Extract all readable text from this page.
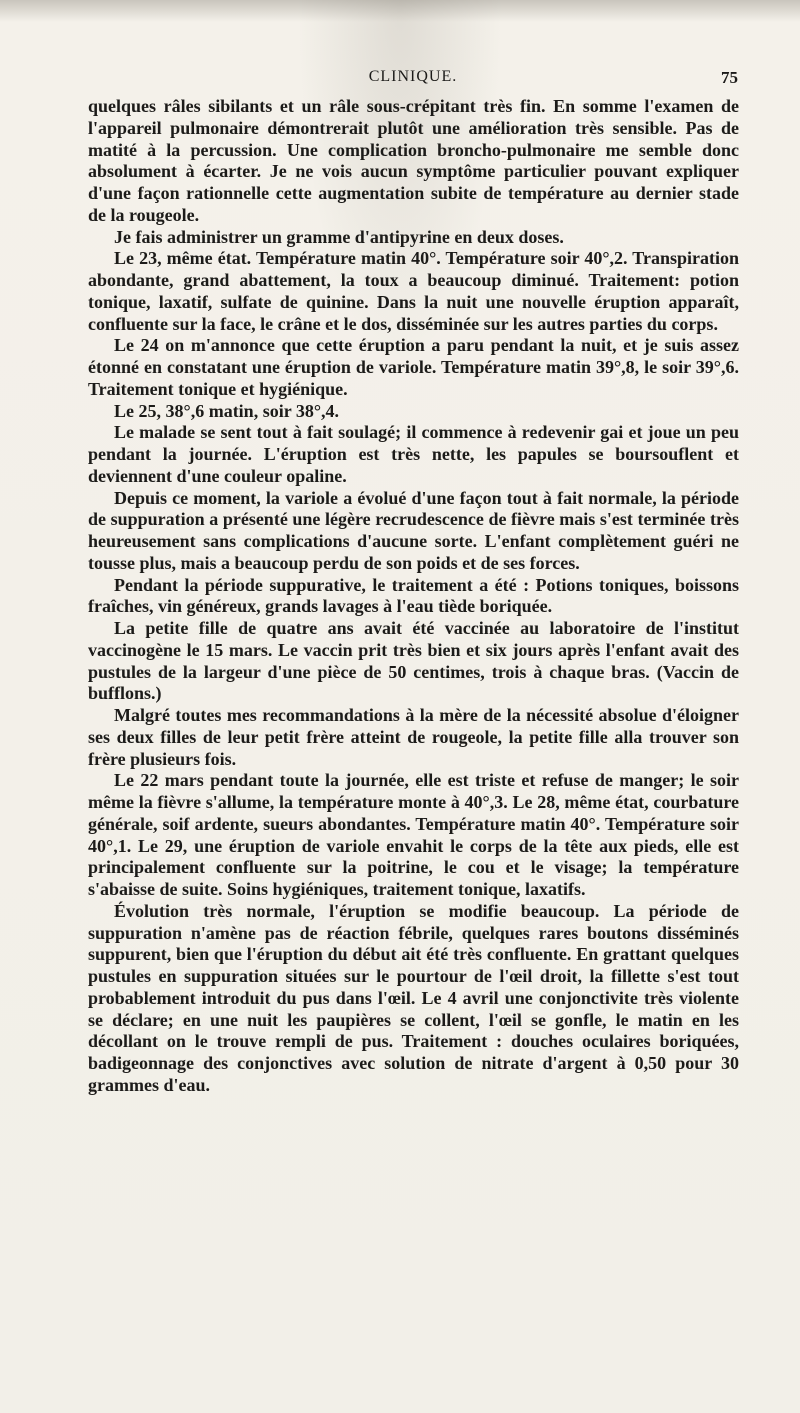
CLINIQUE.	75

quelques râles sibilants et un râle sous-crépitant très fin. En somme l'examen de l'appareil pulmonaire démontrerait plutôt une amélioration très sensible. Pas de matité à la percussion. Une complication broncho-pulmonaire me semble donc absolument à écarter. Je ne vois aucun symptôme particulier pouvant expliquer d'une façon rationnelle cette augmentation subite de température au dernier stade de la rougeole.

Je fais administrer un gramme d'antipyrine en deux doses.

Le 23, même état. Température matin 40°. Température soir 40°,2. Transpiration abondante, grand abattement, la toux a beaucoup diminué. Traitement: potion tonique, laxatif, sulfate de quinine. Dans la nuit une nouvelle éruption apparaît, confluente sur la face, le crâne et le dos, disséminée sur les autres parties du corps.

Le 24 on m'annonce que cette éruption a paru pendant la nuit, et je suis assez étonné en constatant une éruption de variole. Température matin 39°,8, le soir 39°,6. Traitement tonique et hygiénique.

Le 25, 38°,6 matin, soir 38°,4.

Le malade se sent tout à fait soulagé; il commence à redevenir gai et joue un peu pendant la journée. L'éruption est très nette, les papules se boursouflent et deviennent d'une couleur opaline.

Depuis ce moment, la variole a évolué d'une façon tout à fait normale, la période de suppuration a présenté une légère recrudescence de fièvre mais s'est terminée très heureusement sans complications d'aucune sorte. L'enfant complètement guéri ne tousse plus, mais a beaucoup perdu de son poids et de ses forces.

Pendant la période suppurative, le traitement a été : Potions toniques, boissons fraîches, vin généreux, grands lavages à l'eau tiède boriquée.

La petite fille de quatre ans avait été vaccinée au laboratoire de l'institut vaccinogène le 15 mars. Le vaccin prit très bien et six jours après l'enfant avait des pustules de la largeur d'une pièce de 50 centimes, trois à chaque bras. (Vaccin de bufflons.)

Malgré toutes mes recommandations à la mère de la nécessité absolue d'éloigner ses deux filles de leur petit frère atteint de rougeole, la petite fille alla trouver son frère plusieurs fois.

Le 22 mars pendant toute la journée, elle est triste et refuse de manger; le soir même la fièvre s'allume, la température monte à 40°,3. Le 28, même état, courbature générale, soif ardente, sueurs abondantes. Température matin 40°. Température soir 40°,1. Le 29, une éruption de variole envahit le corps de la tête aux pieds, elle est principalement confluente sur la poitrine, le cou et le visage; la température s'abaisse de suite. Soins hygiéniques, traitement tonique, laxatifs.

Évolution très normale, l'éruption se modifie beaucoup. La période de suppuration n'amène pas de réaction fébrile, quelques rares boutons disséminés suppurent, bien que l'éruption du début ait été très confluente. En grattant quelques pustules en suppuration situées sur le pourtour de l'œil droit, la fillette s'est tout probablement introduit du pus dans l'œil. Le 4 avril une conjonctivite très violente se déclare; en une nuit les paupières se collent, l'œil se gonfle, le matin en les décollant on le trouve rempli de pus. Traitement : douches oculaires boriquées, badigeonnage des conjonctives avec solution de nitrate d'argent à 0,50 pour 30 grammes d'eau.
